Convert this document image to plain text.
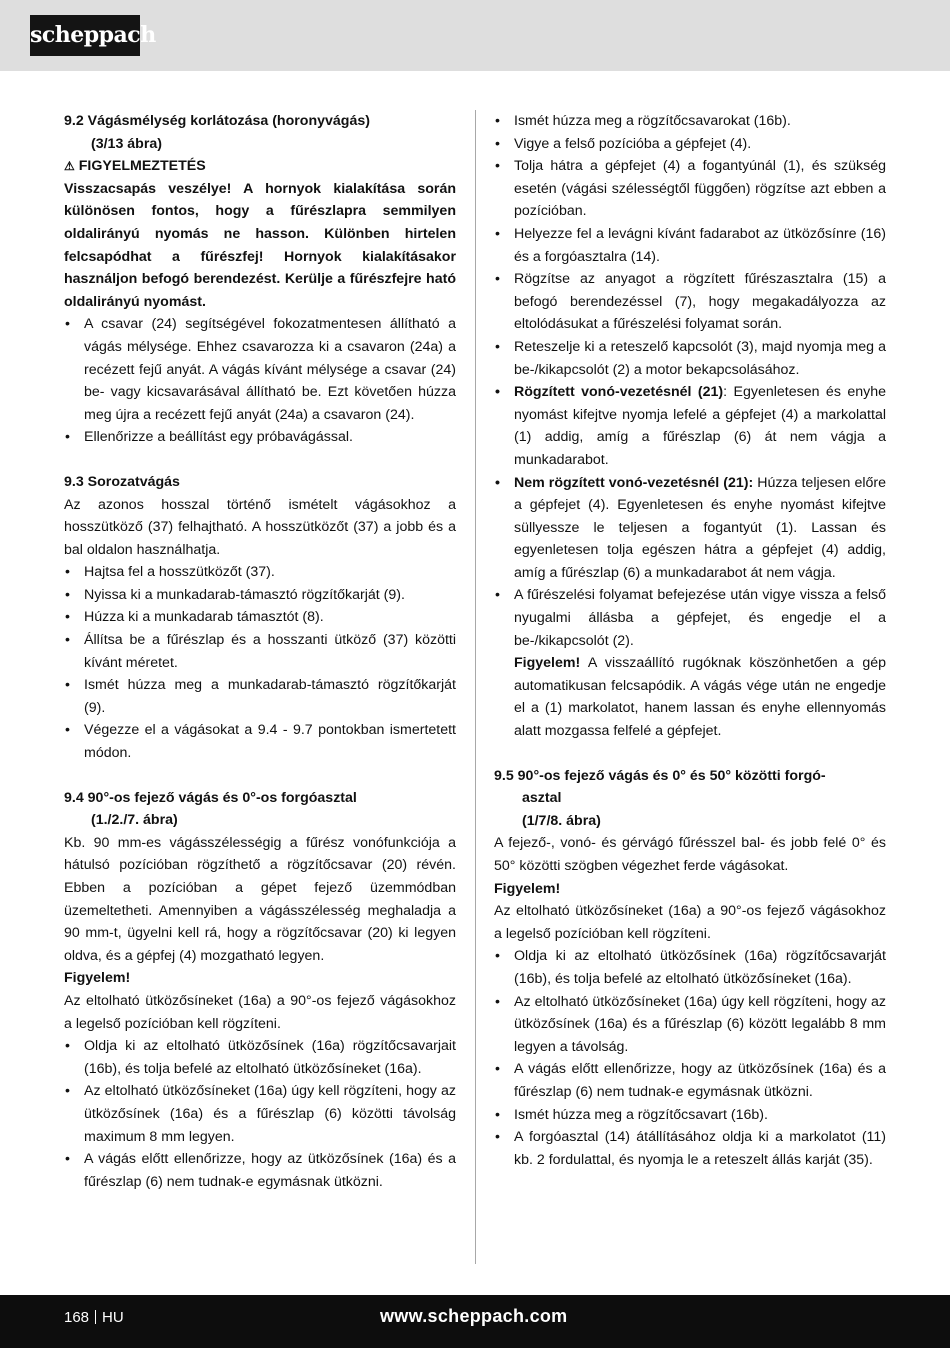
scheppach

9.2 Vágásmélység korlátozása (horonyvágás)

(3/13 ábra)

⚠ FIGYELMEZTETÉS

Visszacsapás veszélye! A hornyok kialakítása során különösen fontos, hogy a fűrészlapra semmilyen oldalirányú nyomás ne hasson. Különben hirtelen felcsapódhat a fűrészfej! Hornyok kialakításakor használjon befogó berendezést. Kerülje a fűrészfejre ható oldalirányú nyomást.

• A csavar (24) segítségével fokozatmentesen állítható a vágás mélysége. Ehhez csavarozza ki a csavaron (24a) a recézett fejű anyát. A vágás kívánt mélysége a csavar (24) be- vagy kicsavarásával állítható be. Ezt követően húzza meg újra a recézett fejű anyát (24a) a csavaron (24).
• Ellenőrizze a beállítást egy próbavágással.

9.3 Sorozatvágás

Az azonos hosszal történő ismételt vágásokhoz a hosszütköző (37) felhajtható. A hosszütközőt (37) a jobb és a bal oldalon használhatja.

• Hajtsa fel a hosszütközőt (37).
• Nyissa ki a munkadarab-támasztó rögzítőkarját (9).
• Húzza ki a munkadarab támasztót (8).
• Állítsa be a fűrészlap és a hosszanti ütköző (37) közötti kívánt méretet.
• Ismét húzza meg a munkadarab-támasztó rögzítőkarját (9).
• Végezze el a vágásokat a 9.4 - 9.7 pontokban ismertetett módon.

9.4 90°-os fejező vágás és 0°-os forgóasztal

(1./2./7. ábra)

Kb. 90 mm-es vágásszélességig a fűrész vonófunkciója a hátulsó pozícióban rögzíthető a rögzítőcsavar (20) révén. Ebben a pozícióban a gépet fejező üzemmódban üzemeltetheti. Amennyiben a vágásszélesség meghaladja a 90 mm-t, ügyelni kell rá, hogy a rögzítőcsavar (20) ki legyen oldva, és a gépfej (4) mozgatható legyen.

Figyelem!

Az eltolható ütközősíneket (16a) a 90°-os fejező vágásokhoz a legelső pozícióban kell rögzíteni.

• Oldja ki az eltolható ütközősínek (16a) rögzítőcsavarjait (16b), és tolja befelé az eltolható ütközősíneket (16a).
• Az eltolható ütközősíneket (16a) úgy kell rögzíteni, hogy az ütközősínek (16a) és a fűrészlap (6) közötti távolság maximum 8 mm legyen.
• A vágás előtt ellenőrizze, hogy az ütközősínek (16a) és a fűrészlap (6) nem tudnak-e egymásnak ütközni.
• Ismét húzza meg a rögzítőcsavarokat (16b).
• Vigye a felső pozícióba a gépfejet (4).
• Tolja hátra a gépfejet (4) a fogantyúnál (1), és szükség esetén (vágási szélességtől függően) rögzítse azt ebben a pozícióban.
• Helyezze fel a levágni kívánt fadarabot az ütközősínre (16) és a forgóasztalra (14).
• Rögzítse az anyagot a rögzített fűrészasztalra (15) a befogó berendezéssel (7), hogy megakadályozza az eltolódásukat a fűrészelési folyamat során.
• Reteszelje ki a reteszelő kapcsolót (3), majd nyomja meg a be-/kikapcsolót (2) a motor bekapcsolásához.
• Rögzített vonó-vezetésnél (21): Egyenletesen és enyhe nyomást kifejtve nyomja lefelé a gépfejet (4) a markolattal (1) addig, amíg a fűrészlap (6) át nem vágja a munkadarabot.
• Nem rögzített vonó-vezetésnél (21): Húzza teljesen előre a gépfejet (4). Egyenletesen és enyhe nyomást kifejtve süllyessze le teljesen a fogantyút (1). Lassan és egyenletesen tolja egészen hátra a gépfejet (4) addig, amíg a fűrészlap (6) a munkadarabot át nem vágja.
• A fűrészelési folyamat befejezése után vigye vissza a felső nyugalmi állásba a gépfejet, és engedje el a be-/kikapcsolót (2).

Figyelem! A visszaállító rugóknak köszönhetően a gép automatikusan felcsapódik. A vágás vége után ne engedje el a (1) markolatot, hanem lassan és enyhe ellennyomás alatt mozgassa felfelé a gépfejet.

9.5 90°-os fejező vágás és 0° és 50° közötti forgó-

asztal

(1/7/8. ábra)

A fejező-, vonó- és gérvágó fűrésszel bal- és jobb felé 0° és 50° közötti szögben végezhet ferde vágásokat.

Figyelem!

Az eltolható ütközősíneket (16a) a 90°-os fejező vágásokhoz a legelső pozícióban kell rögzíteni.

• Oldja ki az eltolható ütközősínek (16a) rögzítőcsavarját (16b), és tolja befelé az eltolható ütközősíneket (16a).
• Az eltolható ütközősíneket (16a) úgy kell rögzíteni, hogy az ütközősínek (16a) és a fűrészlap (6) között legalább 8 mm legyen a távolság.
• A vágás előtt ellenőrizze, hogy az ütközősínek (16a) és a fűrészlap (6) nem tudnak-e egymásnak ütközni.
• Ismét húzza meg a rögzítőcsavart (16b).
• A forgóasztal (14) átállításához oldja ki a markolatot (11) kb. 2 fordulattal, és nyomja le a reteszelt állás karját (35).
168 HU	www.scheppach.com
